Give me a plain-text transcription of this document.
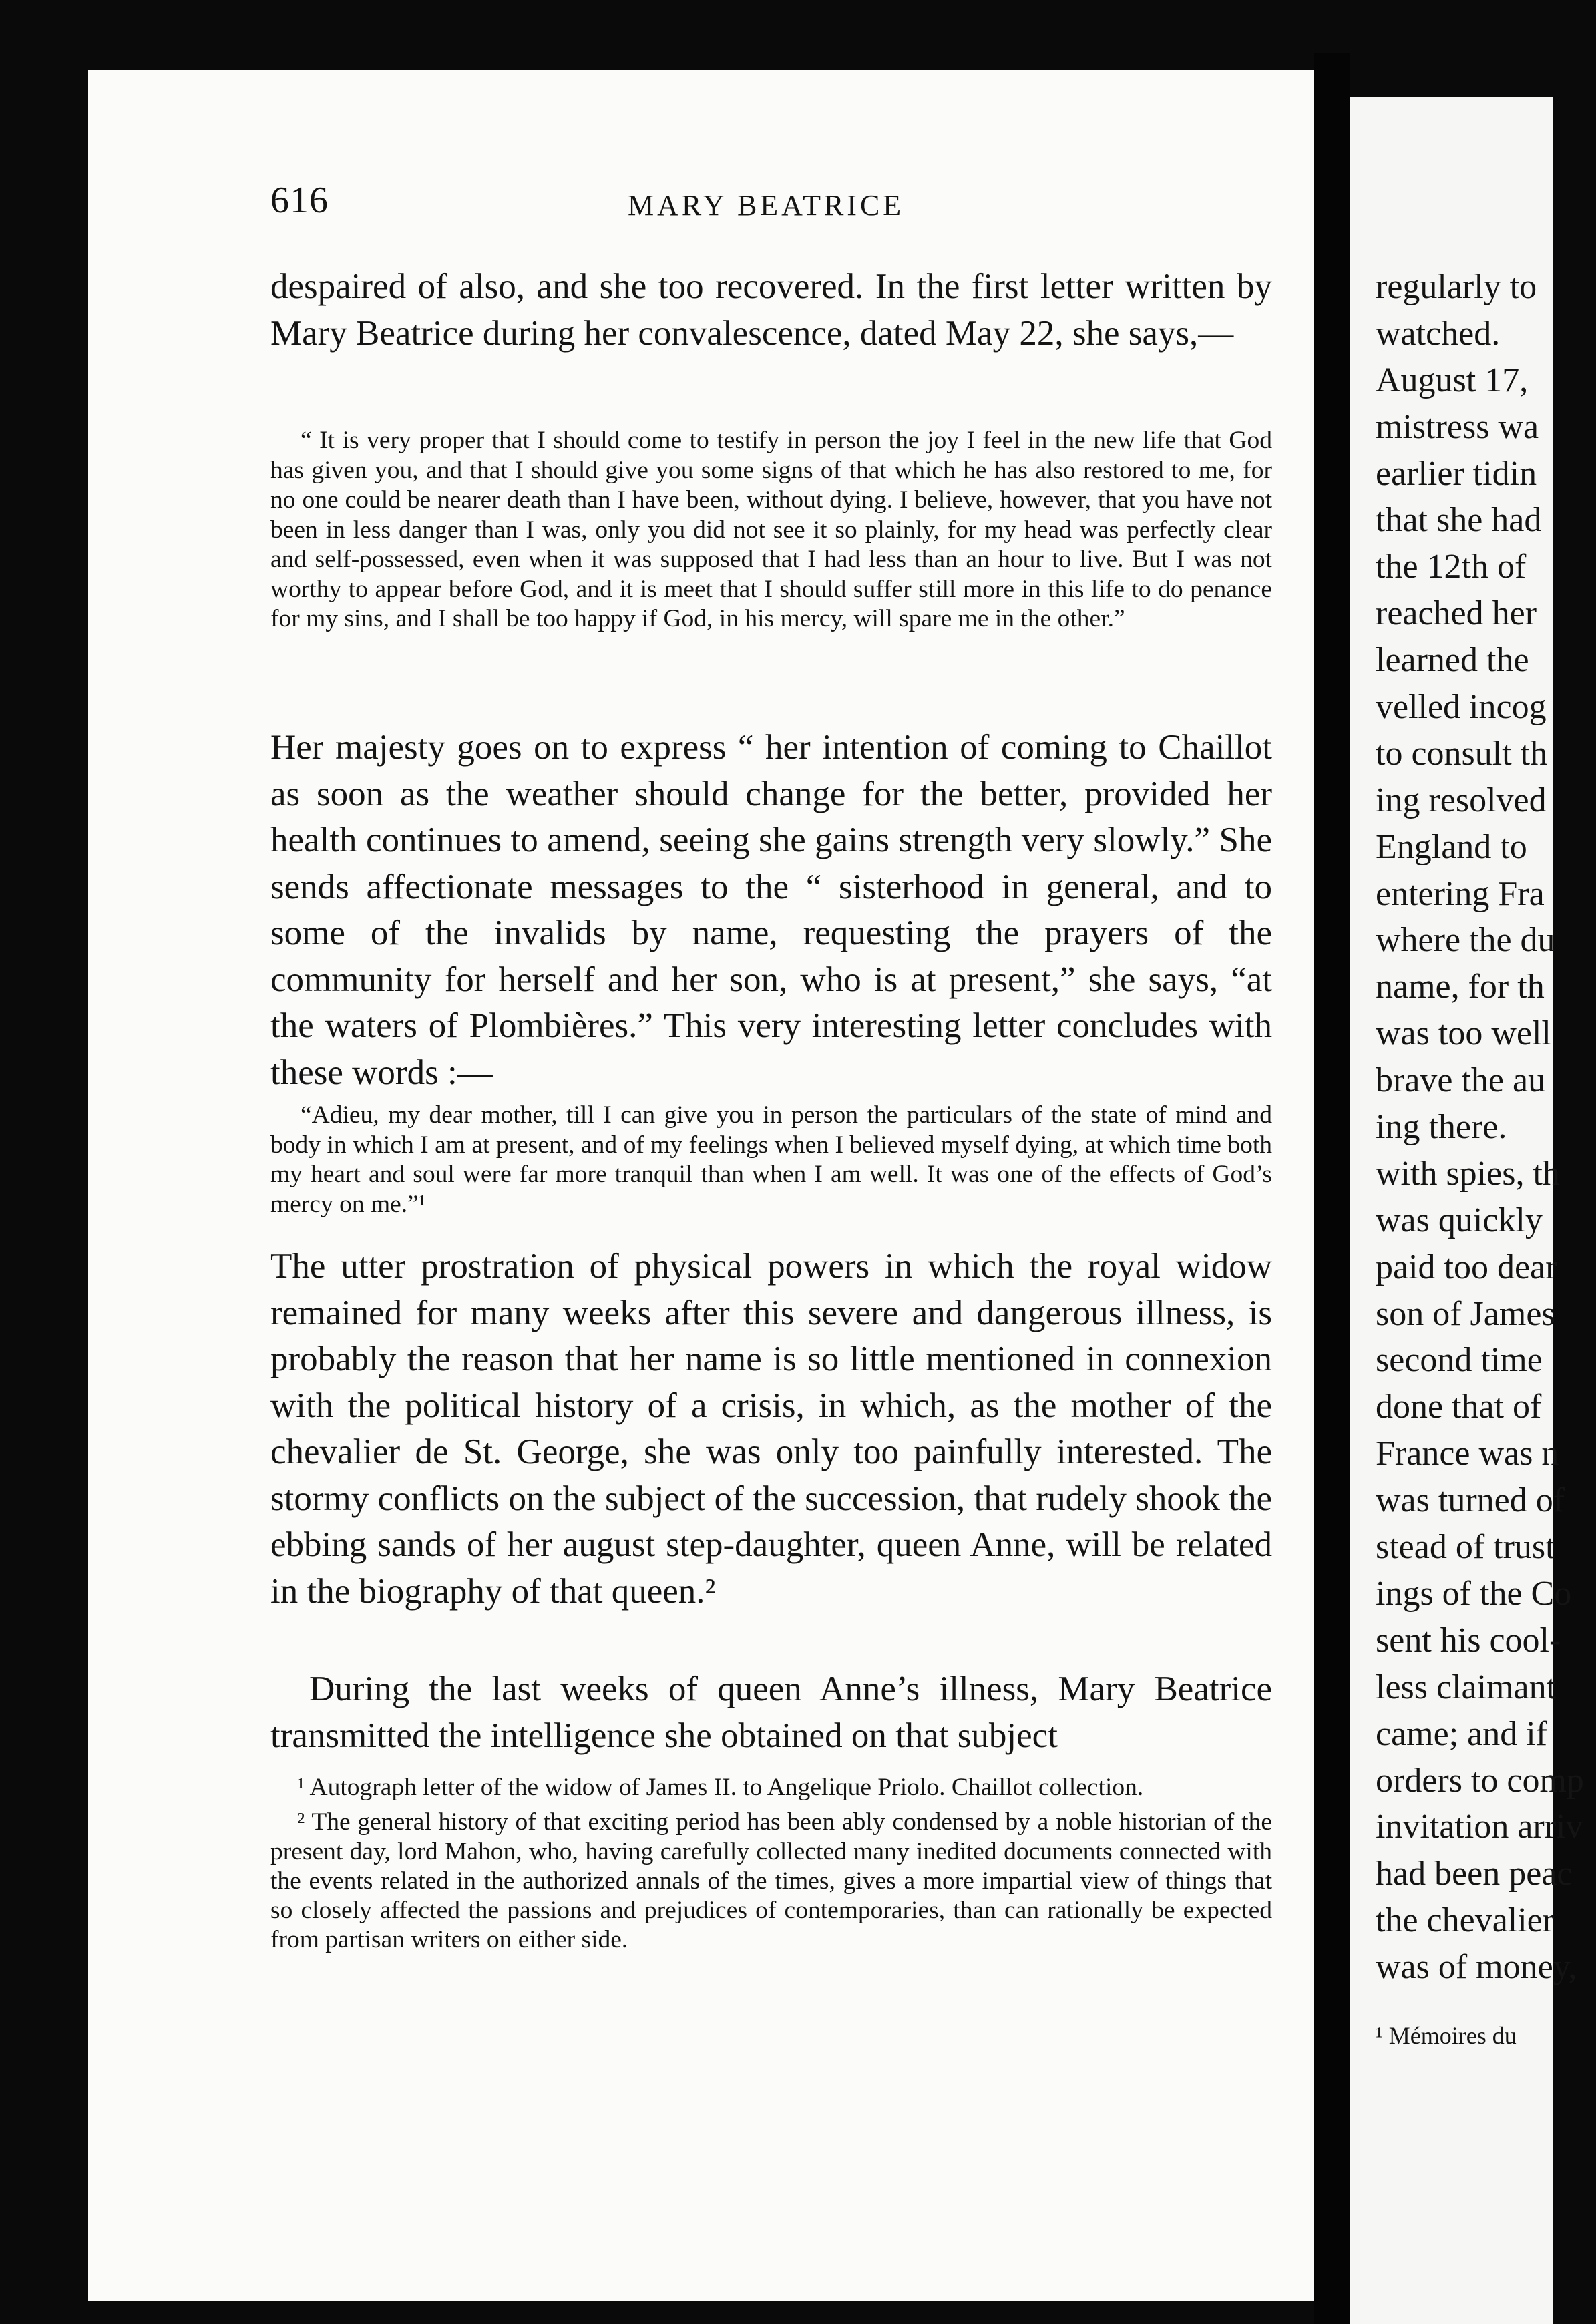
616	MARY BEATRICE

despaired of also, and she too recovered. In the first letter written by Mary Beatrice during her convalescence, dated May 22, she says,—

“ It is very proper that I should come to testify in person the joy I feel in the new life that God has given you, and that I should give you some signs of that which he has also restored to me, for no one could be nearer death than I have been, without dying. I believe, however, that you have not been in less danger than I was, only you did not see it so plainly, for my head was perfectly clear and self-possessed, even when it was supposed that I had less than an hour to live. But I was not worthy to appear before God, and it is meet that I should suffer still more in this life to do penance for my sins, and I shall be too happy if God, in his mercy, will spare me in the other.”

Her majesty goes on to express “ her intention of coming to Chaillot as soon as the weather should change for the better, provided her health continues to amend, seeing she gains strength very slowly.” She sends affectionate messages to the “ sisterhood in general, and to some of the invalids by name, requesting the prayers of the community for herself and her son, who is at present,” she says, “at the waters of Plombières.” This very interesting letter concludes with these words :—

“Adieu, my dear mother, till I can give you in person the particulars of the state of mind and body in which I am at present, and of my feelings when I believed myself dying, at which time both my heart and soul were far more tranquil than when I am well. It was one of the effects of God’s mercy on me.”¹

The utter prostration of physical powers in which the royal widow remained for many weeks after this severe and dangerous illness, is probably the reason that her name is so little mentioned in connexion with the political history of a crisis, in which, as the mother of the chevalier de St. George, she was only too painfully interested. The stormy conflicts on the subject of the succession, that rudely shook the ebbing sands of her august step-daughter, queen Anne, will be related in the biography of that queen.²

During the last weeks of queen Anne’s illness, Mary Beatrice transmitted the intelligence she obtained on that subject

¹ Autograph letter of the widow of James II. to Angelique Priolo. Chaillot collection.

² The general history of that exciting period has been ably condensed by a noble historian of the present day, lord Mahon, who, having carefully collected many inedited documents connected with the events related in the authorized annals of the times, gives a more impartial view of things that so closely affected the passions and prejudices of contemporaries, than can rationally be expected from partisan writers on either side.

regularly to
watched.
August 17,
mistress wa
earlier tidin
that she had
the 12th of
reached her
learned the
velled incog
to consult th
ing resolved
England to
entering Fra
where the du
name, for th
was too well
brave the au
ing there.
with spies, th
was quickly
paid too dear
son of James
second time
done that of
France was n
was turned of
stead of trust
ings of the Co
sent his cool-
less claimant
came; and if
orders to comp
invitation arriv
had been peac
the chevalier
was of money,
¹ Mémoires du
